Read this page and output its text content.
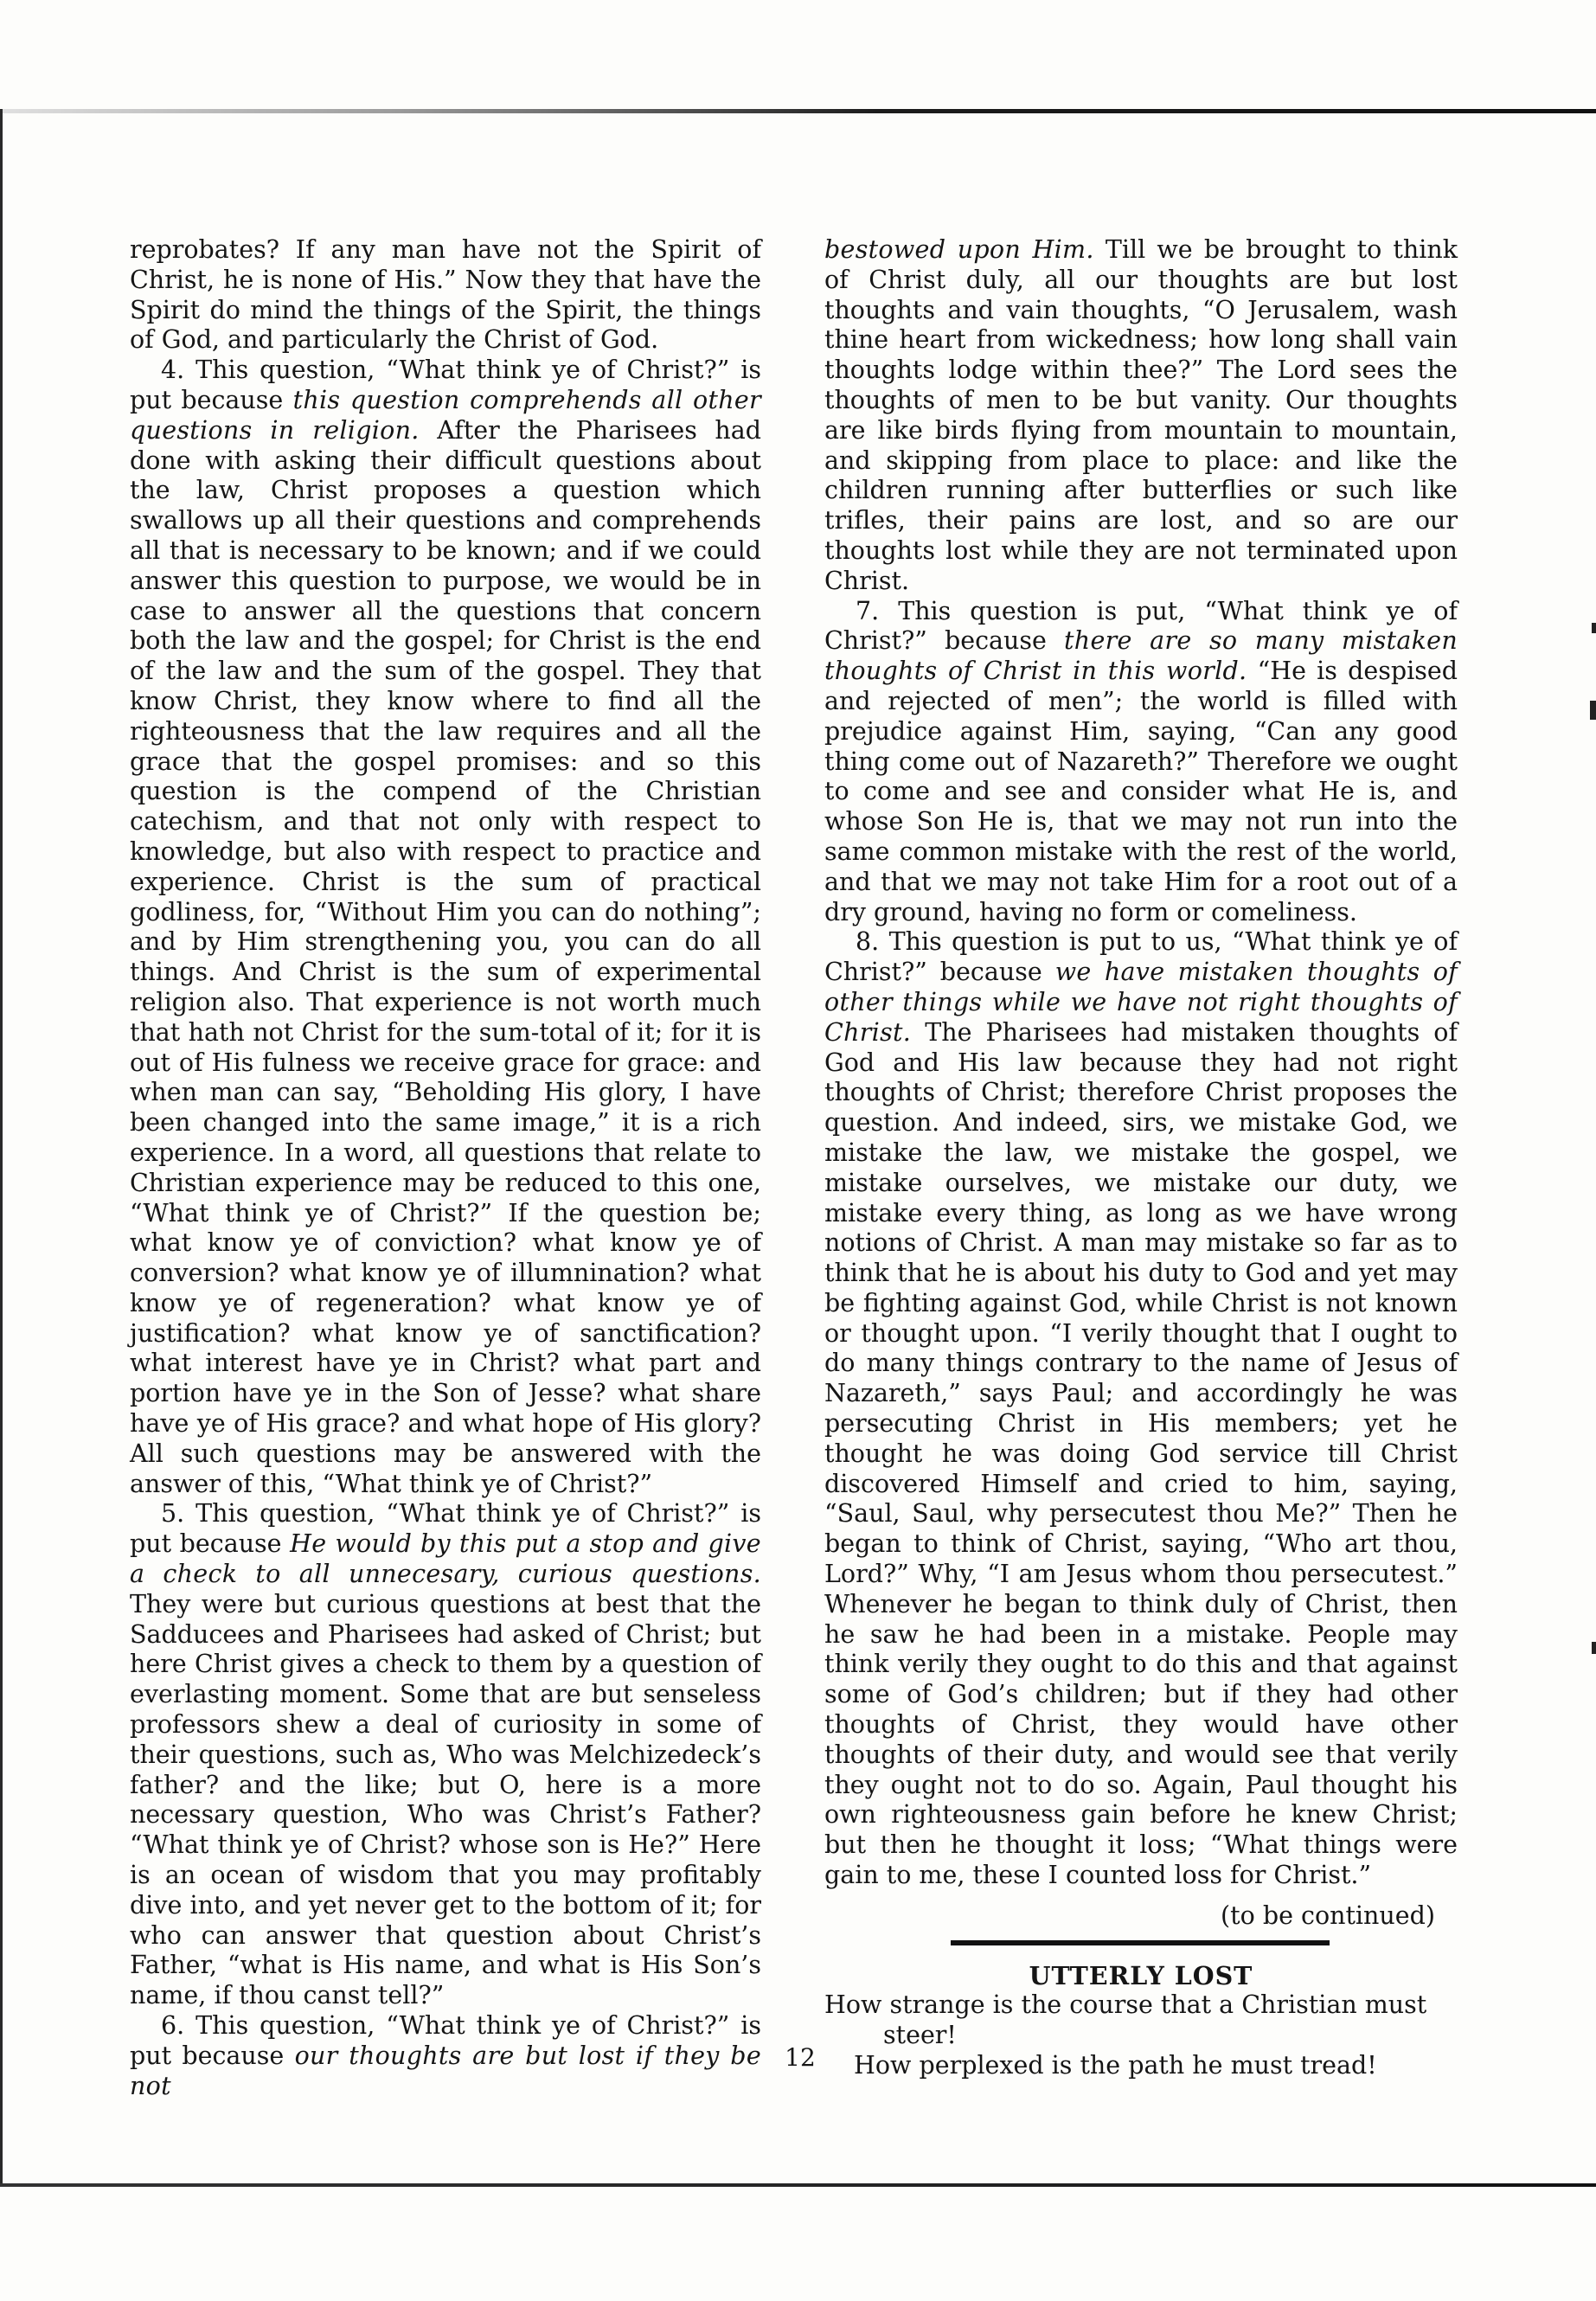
reprobates? If any man have not the Spirit of Christ, he is none of His.” Now they that have the Spirit do mind the things of the Spirit, the things of God, and particularly the Christ of God.

4. This question, “What think ye of Christ?” is put because this question comprehends all other questions in religion. After the Pharisees had done with asking their difficult questions about the law, Christ proposes a question which swallows up all their questions and comprehends all that is necessary to be known; and if we could answer this question to purpose, we would be in case to answer all the questions that concern both the law and the gospel; for Christ is the end of the law and the sum of the gospel. They that know Christ, they know where to find all the righteousness that the law requires and all the grace that the gospel promises: and so this question is the compend of the Christian catechism, and that not only with respect to knowledge, but also with respect to practice and experience. Christ is the sum of practical godliness, for, “Without Him you can do nothing”; and by Him strengthening you, you can do all things. And Christ is the sum of experimental religion also. That experience is not worth much that hath not Christ for the sum-total of it; for it is out of His fulness we receive grace for grace: and when man can say, “Beholding His glory, I have been changed into the same image,” it is a rich experience. In a word, all questions that relate to Christian experience may be reduced to this one, “What think ye of Christ?” If the question be; what know ye of conviction? what know ye of conversion? what know ye of illumnination? what know ye of regeneration? what know ye of justification? what know ye of sanctification? what interest have ye in Christ? what part and portion have ye in the Son of Jesse? what share have ye of His grace? and what hope of His glory? All such questions may be answered with the answer of this, “What think ye of Christ?”

5. This question, “What think ye of Christ?” is put because He would by this put a stop and give a check to all unnecesary, curious questions. They were but curious questions at best that the Sadducees and Pharisees had asked of Christ; but here Christ gives a check to them by a question of everlasting moment. Some that are but senseless professors shew a deal of curiosity in some of their questions, such as, Who was Melchizedeck’s father? and the like; but O, here is a more necessary question, Who was Christ’s Father? “What think ye of Christ? whose son is He?” Here is an ocean of wisdom that you may profitably dive into, and yet never get to the bottom of it; for who can answer that question about Christ’s Father, “what is His name, and what is His Son’s name, if thou canst tell?”

6. This question, “What think ye of Christ?” is put because our thoughts are but lost if they be not

bestowed upon Him. Till we be brought to think of Christ duly, all our thoughts are but lost thoughts and vain thoughts, “O Jerusalem, wash thine heart from wickedness; how long shall vain thoughts lodge within thee?” The Lord sees the thoughts of men to be but vanity. Our thoughts are like birds flying from mountain to mountain, and skipping from place to place: and like the children running after butterflies or such like trifles, their pains are lost, and so are our thoughts lost while they are not terminated upon Christ.

7. This question is put, “What think ye of Christ?” because there are so many mistaken thoughts of Christ in this world. “He is despised and rejected of men”; the world is filled with prejudice against Him, saying, “Can any good thing come out of Nazareth?” Therefore we ought to come and see and consider what He is, and whose Son He is, that we may not run into the same common mistake with the rest of the world, and that we may not take Him for a root out of a dry ground, having no form or comeliness.

8. This question is put to us, “What think ye of Christ?” because we have mistaken thoughts of other things while we have not right thoughts of Christ. The Pharisees had mistaken thoughts of God and His law because they had not right thoughts of Christ; therefore Christ proposes the question. And indeed, sirs, we mistake God, we mistake the law, we mistake the gospel, we mistake ourselves, we mistake our duty, we mistake every thing, as long as we have wrong notions of Christ. A man may mistake so far as to think that he is about his duty to God and yet may be fighting against God, while Christ is not known or thought upon. “I verily thought that I ought to do many things contrary to the name of Jesus of Nazareth,” says Paul; and accordingly he was persecuting Christ in His members; yet he thought he was doing God service till Christ discovered Himself and cried to him, saying, “Saul, Saul, why persecutest thou Me?” Then he began to think of Christ, saying, “Who art thou, Lord?” Why, “I am Jesus whom thou persecutest.” Whenever he began to think duly of Christ, then he saw he had been in a mistake. People may think verily they ought to do this and that against some of God’s children; but if they had other thoughts of Christ, they would have other thoughts of their duty, and would see that verily they ought not to do so. Again, Paul thought his own righteousness gain before he knew Christ; but then he thought it loss; “What things were gain to me, these I counted loss for Christ.”

(to be continued)

UTTERLY LOST

How strange is the course that a Christian must

steer!

How perplexed is the path he must tread!

12
